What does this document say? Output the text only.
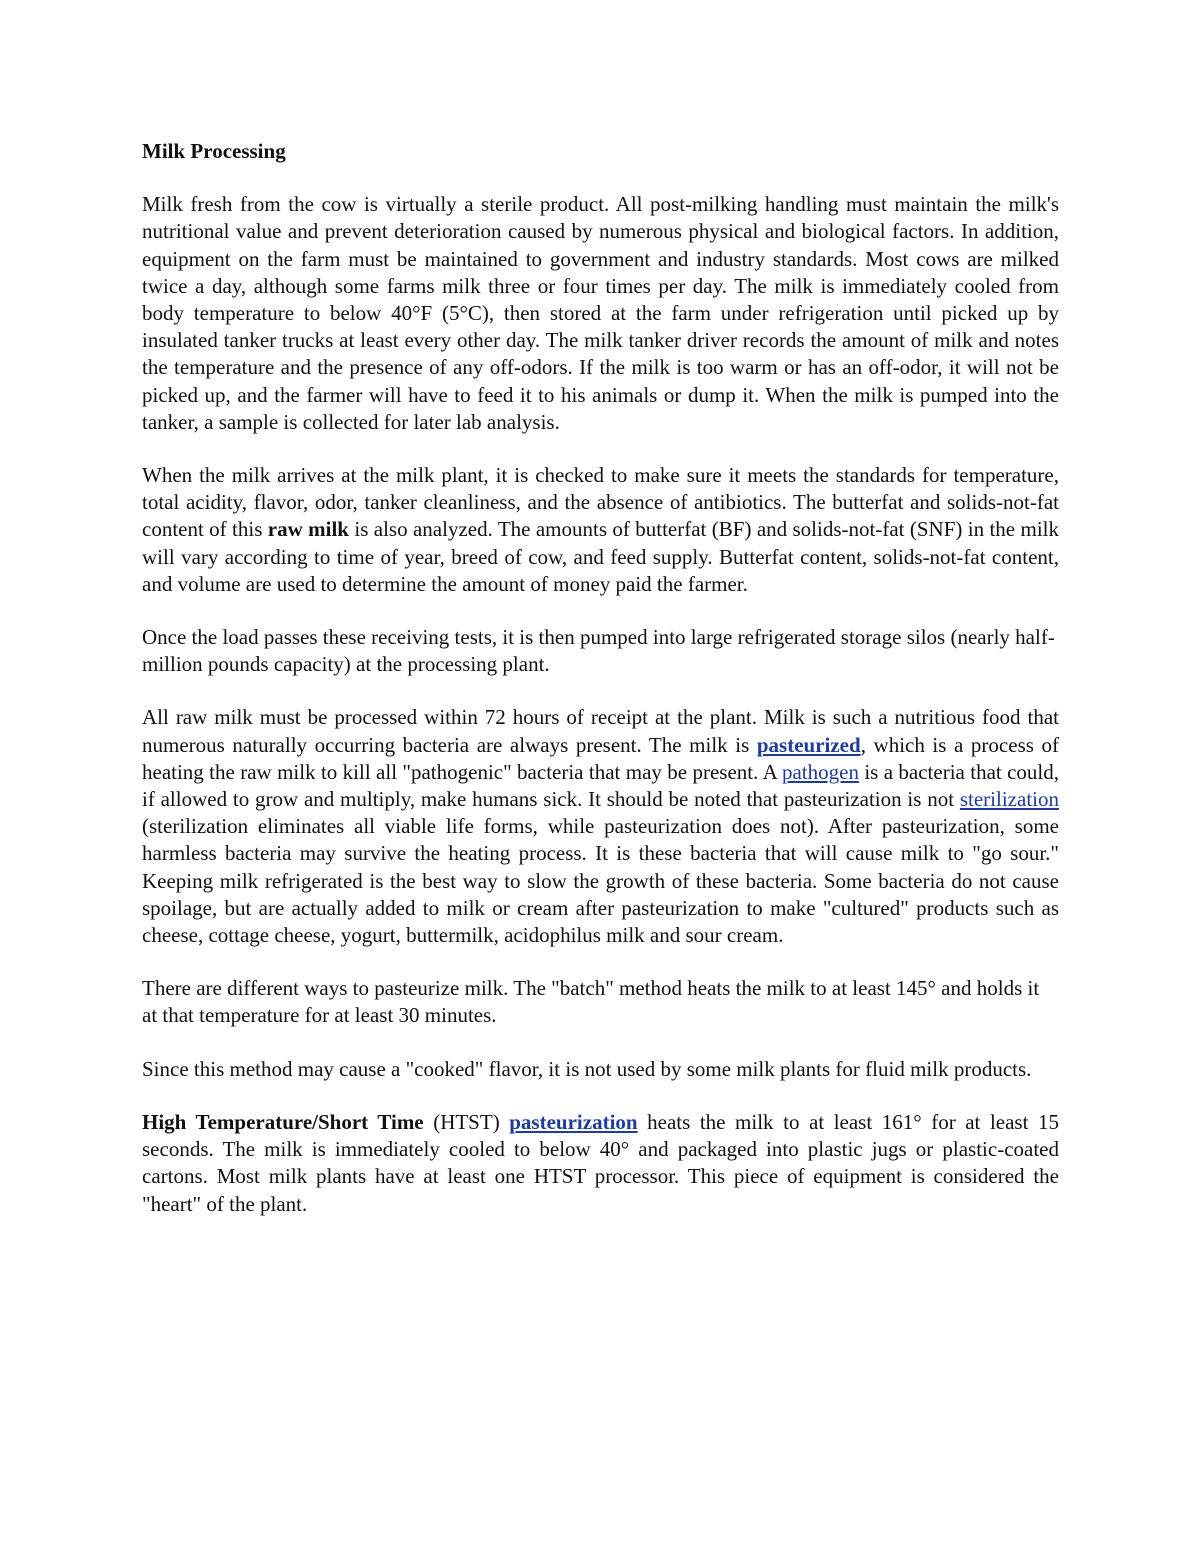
Milk Processing

Milk fresh from the cow is virtually a sterile product. All post-milking handling must maintain the milk's nutritional value and prevent deterioration caused by numerous physical and biological factors. In addition, equipment on the farm must be maintained to government and industry standards. Most cows are milked twice a day, although some farms milk three or four times per day. The milk is immediately cooled from body temperature to below 40°F (5°C), then stored at the farm under refrigeration until picked up by insulated tanker trucks at least every other day. The milk tanker driver records the amount of milk and notes the temperature and the presence of any off-odors. If the milk is too warm or has an off-odor, it will not be picked up, and the farmer will have to feed it to his animals or dump it. When the milk is pumped into the tanker, a sample is collected for later lab analysis.

When the milk arrives at the milk plant, it is checked to make sure it meets the standards for temperature, total acidity, flavor, odor, tanker cleanliness, and the absence of antibiotics. The butterfat and solids-not-fat content of this raw milk is also analyzed. The amounts of butterfat (BF) and solids-not-fat (SNF) in the milk will vary according to time of year, breed of cow, and feed supply. Butterfat content, solids-not-fat content, and volume are used to determine the amount of money paid the farmer.

Once the load passes these receiving tests, it is then pumped into large refrigerated storage silos (nearly half-million pounds capacity) at the processing plant.

All raw milk must be processed within 72 hours of receipt at the plant. Milk is such a nutritious food that numerous naturally occurring bacteria are always present. The milk is pasteurized, which is a process of heating the raw milk to kill all "pathogenic" bacteria that may be present. A pathogen is a bacteria that could, if allowed to grow and multiply, make humans sick. It should be noted that pasteurization is not sterilization (sterilization eliminates all viable life forms, while pasteurization does not). After pasteurization, some harmless bacteria may survive the heating process. It is these bacteria that will cause milk to "go sour." Keeping milk refrigerated is the best way to slow the growth of these bacteria. Some bacteria do not cause spoilage, but are actually added to milk or cream after pasteurization to make "cultured" products such as cheese, cottage cheese, yogurt, buttermilk, acidophilus milk and sour cream.

There are different ways to pasteurize milk. The "batch" method heats the milk to at least 145° and holds it at that temperature for at least 30 minutes.

Since this method may cause a "cooked" flavor, it is not used by some milk plants for fluid milk products.

High Temperature/Short Time (HTST) pasteurization heats the milk to at least 161° for at least 15 seconds. The milk is immediately cooled to below 40° and packaged into plastic jugs or plastic-coated cartons. Most milk plants have at least one HTST processor. This piece of equipment is considered the "heart" of the plant.
